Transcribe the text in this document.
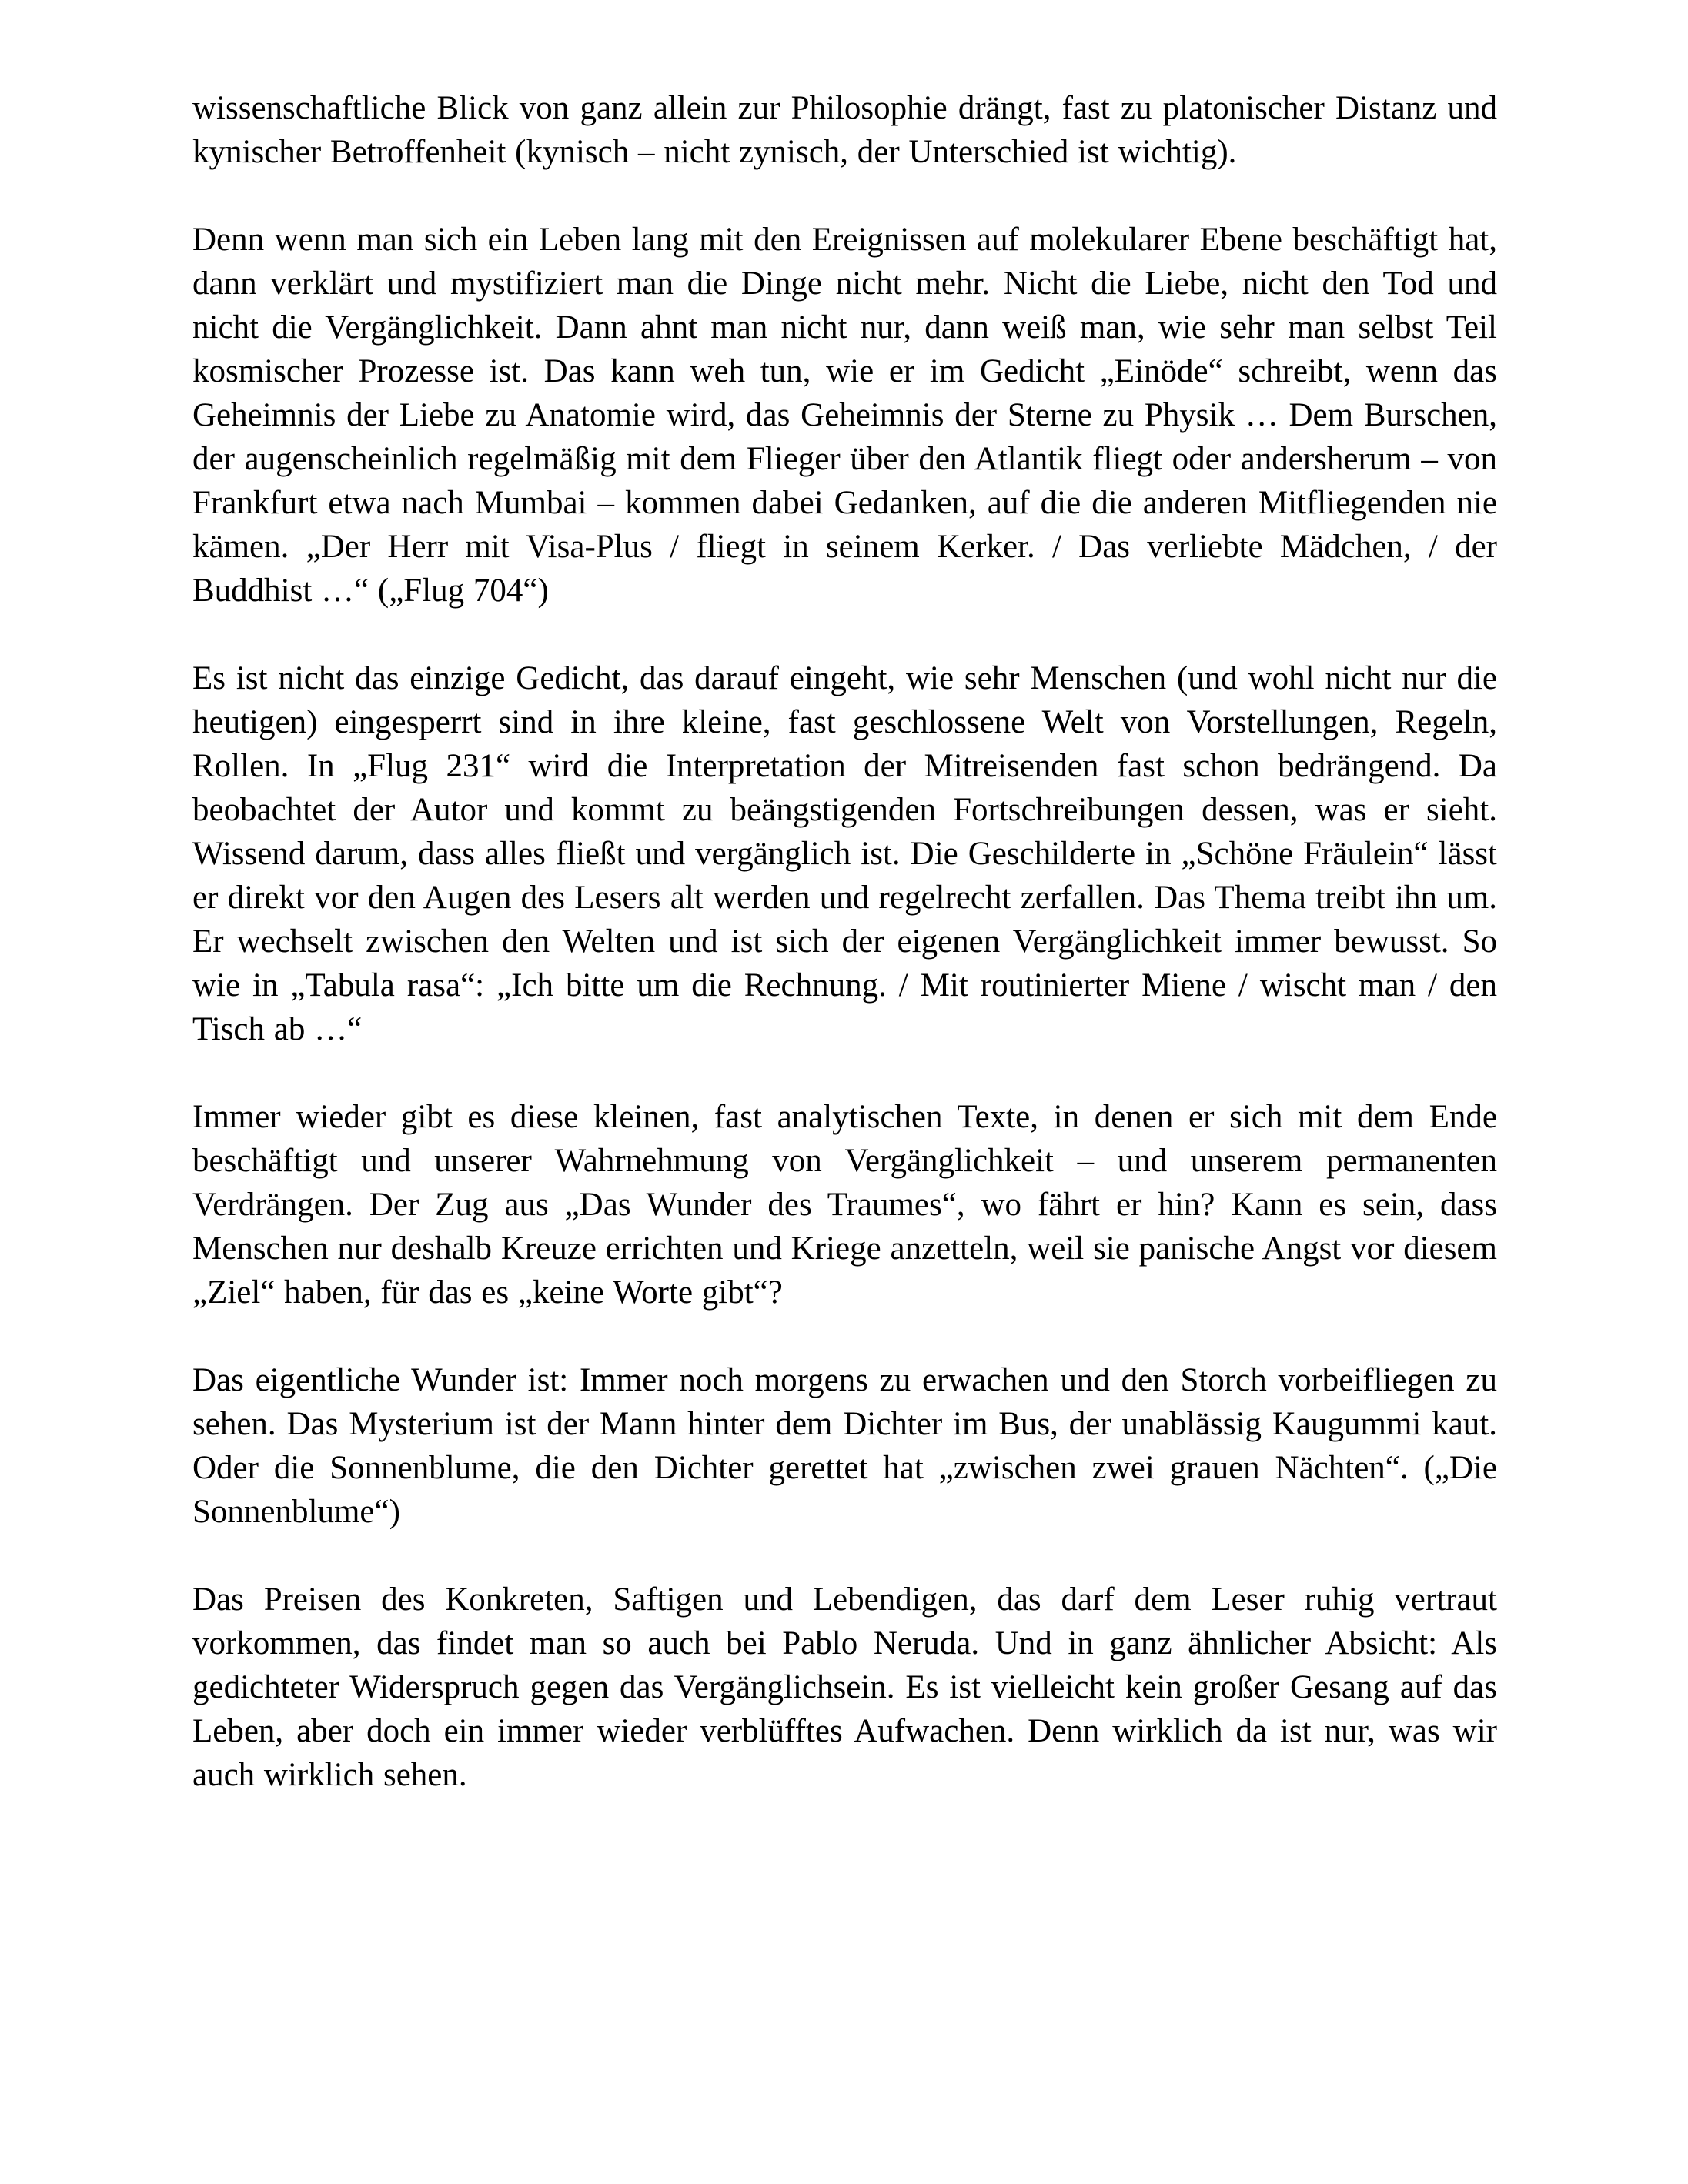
wissenschaftliche Blick von ganz allein zur Philosophie drängt, fast zu platonischer Distanz und kynischer Betroffenheit (kynisch – nicht zynisch, der Unterschied ist wichtig).

Denn wenn man sich ein Leben lang mit den Ereignissen auf molekularer Ebene beschäftigt hat, dann verklärt und mystifiziert man die Dinge nicht mehr. Nicht die Liebe, nicht den Tod und nicht die Vergänglichkeit. Dann ahnt man nicht nur, dann weiß man, wie sehr man selbst Teil kosmischer Prozesse ist. Das kann weh tun, wie er im Gedicht „Einöde“ schreibt, wenn das Geheimnis der Liebe zu Anatomie wird, das Geheimnis der Sterne zu Physik … Dem Burschen, der augenscheinlich regelmäßig mit dem Flieger über den Atlantik fliegt oder andersherum – von Frankfurt etwa nach Mumbai – kommen dabei Gedanken, auf die die anderen Mitfliegenden nie kämen. „Der Herr mit Visa-Plus / fliegt in seinem Kerker. / Das verliebte Mädchen, / der Buddhist …“ („Flug 704“)

Es ist nicht das einzige Gedicht, das darauf eingeht, wie sehr Menschen (und wohl nicht nur die heutigen) eingesperrt sind in ihre kleine, fast geschlossene Welt von Vorstellungen, Regeln, Rollen. In „Flug 231“ wird die Interpretation der Mitreisenden fast schon bedrängend. Da beobachtet der Autor und kommt zu beängstigenden Fortschreibungen dessen, was er sieht. Wissend darum, dass alles fließt und vergänglich ist. Die Geschilderte in „Schöne Fräulein“ lässt er direkt vor den Augen des Lesers alt werden und regelrecht zerfallen. Das Thema treibt ihn um. Er wechselt zwischen den Welten und ist sich der eigenen Vergänglichkeit immer bewusst. So wie in „Tabula rasa“: „Ich bitte um die Rechnung. / Mit routinierter Miene / wischt man / den Tisch ab …“

Immer wieder gibt es diese kleinen, fast analytischen Texte, in denen er sich mit dem Ende beschäftigt und unserer Wahrnehmung von Vergänglichkeit – und unserem permanenten Verdrängen. Der Zug aus „Das Wunder des Traumes“, wo fährt er hin? Kann es sein, dass Menschen nur deshalb Kreuze errichten und Kriege anzetteln, weil sie panische Angst vor diesem „Ziel“ haben, für das es „keine Worte gibt“?

Das eigentliche Wunder ist: Immer noch morgens zu erwachen und den Storch vorbeifliegen zu sehen. Das Mysterium ist der Mann hinter dem Dichter im Bus, der unablässig Kaugummi kaut. Oder die Sonnenblume, die den Dichter gerettet hat „zwischen zwei grauen Nächten“. („Die Sonnenblume“)

Das Preisen des Konkreten, Saftigen und Lebendigen, das darf dem Leser ruhig vertraut vorkommen, das findet man so auch bei Pablo Neruda. Und in ganz ähnlicher Absicht: Als gedichteter Widerspruch gegen das Vergänglichsein. Es ist vielleicht kein großer Gesang auf das Leben, aber doch ein immer wieder verblüfftes Aufwachen. Denn wirklich da ist nur, was wir auch wirklich sehen.
